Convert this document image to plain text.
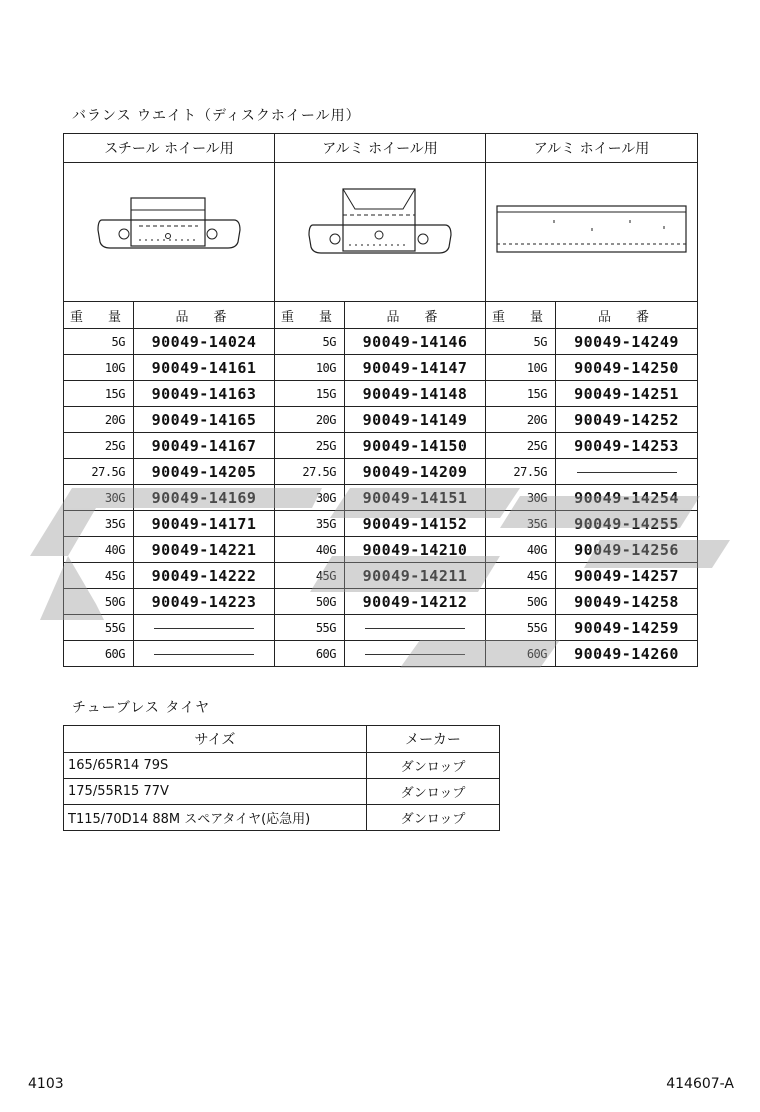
バランス ウエイト（ディスクホイール用）
スチール ホイール用		アルミ ホイール用		アルミ ホイール用	

重　量	品　番	重　量	品　番	重　量	品　番
5G	90049-14024	5G	90049-14146	5G	90049-14249
10G	90049-14161	10G	90049-14147	10G	90049-14250
15G	90049-14163	15G	90049-14148	15G	90049-14251
20G	90049-14165	20G	90049-14149	20G	90049-14252
25G	90049-14167	25G	90049-14150	25G	90049-14253
27.5G	90049-14205	27.5G	90049-14209	27.5G	
30G	90049-14169	30G	90049-14151	30G	90049-14254
35G	90049-14171	35G	90049-14152	35G	90049-14255
40G	90049-14221	40G	90049-14210	40G	90049-14256
45G	90049-14222	45G	90049-14211	45G	90049-14257
50G	90049-14223	50G	90049-14212	50G	90049-14258
55G		55G		55G	90049-14259
60G		60G		60G	90049-14260
チューブレス タイヤ
サイズ	メーカー
165/65R14 79S	ダンロップ
175/55R15 77V	ダンロップ
T115/70D14 88M スペアタイヤ(応急用)	ダンロップ
4103	414607-A
